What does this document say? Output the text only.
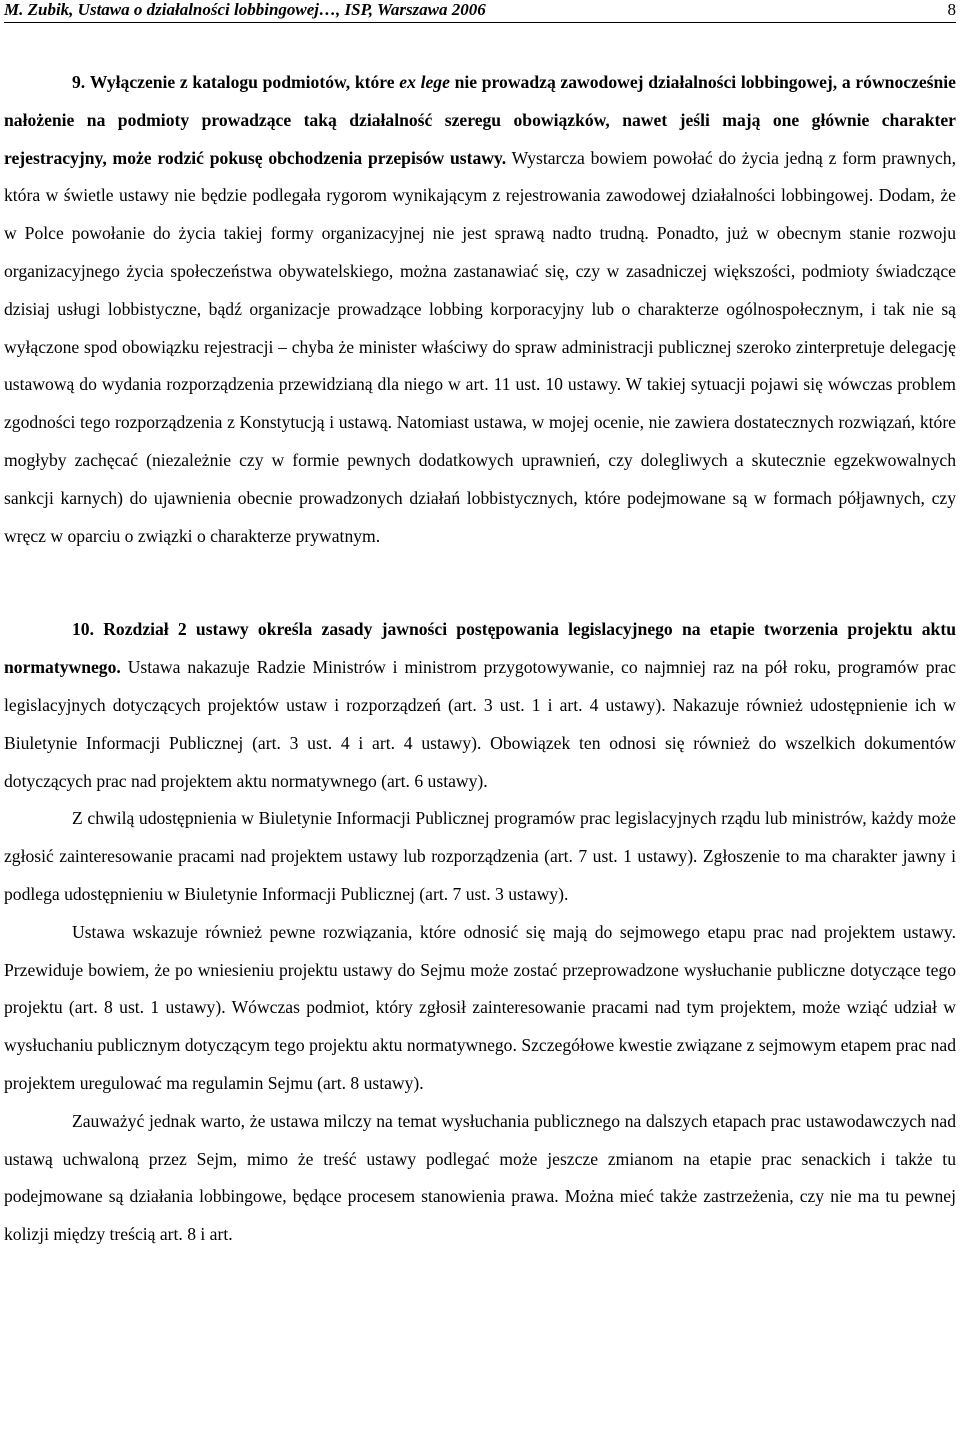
M. Zubik, Ustawa o działalności lobbingowej…, ISP, Warszawa 2006	8

9. Wyłączenie z katalogu podmiotów, które ex lege nie prowadzą zawodowej działalności lobbingowej, a równocześnie nałożenie na podmioty prowadzące taką działalność szeregu obowiązków, nawet jeśli mają one głównie charakter rejestracyjny, może rodzić pokusę obchodzenia przepisów ustawy. Wystarcza bowiem powołać do życia jedną z form prawnych, która w świetle ustawy nie będzie podlegała rygorom wynikającym z rejestrowania zawodowej działalności lobbingowej. Dodam, że w Polce powołanie do życia takiej formy organizacyjnej nie jest sprawą nadto trudną. Ponadto, już w obecnym stanie rozwoju organizacyjnego życia społeczeństwa obywatelskiego, można zastanawiać się, czy w zasadniczej większości, podmioty świadczące dzisiaj usługi lobbistyczne, bądź organizacje prowadzące lobbing korporacyjny lub o charakterze ogólnospołecznym, i tak nie są wyłączone spod obowiązku rejestracji – chyba że minister właściwy do spraw administracji publicznej szeroko zinterpretuje delegację ustawową do wydania rozporządzenia przewidzianą dla niego w art. 11 ust. 10 ustawy. W takiej sytuacji pojawi się wówczas problem zgodności tego rozporządzenia z Konstytucją i ustawą. Natomiast ustawa, w mojej ocenie, nie zawiera dostatecznych rozwiązań, które mogłyby zachęcać (niezależnie czy w formie pewnych dodatkowych uprawnień, czy dolegliwych a skutecznie egzekwowalnych sankcji karnych) do ujawnienia obecnie prowadzonych działań lobbistycznych, które podejmowane są w formach półjawnych, czy wręcz w oparciu o związki o charakterze prywatnym.

10. Rozdział 2 ustawy określa zasady jawności postępowania legislacyjnego na etapie tworzenia projektu aktu normatywnego. Ustawa nakazuje Radzie Ministrów i ministrom przygotowywanie, co najmniej raz na pół roku, programów prac legislacyjnych dotyczących projektów ustaw i rozporządzeń (art. 3 ust. 1 i art. 4 ustawy). Nakazuje również udostępnienie ich w Biuletynie Informacji Publicznej (art. 3 ust. 4 i art. 4 ustawy). Obowiązek ten odnosi się również do wszelkich dokumentów dotyczących prac nad projektem aktu normatywnego (art. 6 ustawy).

Z chwilą udostępnienia w Biuletynie Informacji Publicznej programów prac legislacyjnych rządu lub ministrów, każdy może zgłosić zainteresowanie pracami nad projektem ustawy lub rozporządzenia (art. 7 ust. 1 ustawy). Zgłoszenie to ma charakter jawny i podlega udostępnieniu w Biuletynie Informacji Publicznej (art. 7 ust. 3 ustawy).

Ustawa wskazuje również pewne rozwiązania, które odnosić się mają do sejmowego etapu prac nad projektem ustawy. Przewiduje bowiem, że po wniesieniu projektu ustawy do Sejmu może zostać przeprowadzone wysłuchanie publiczne dotyczące tego projektu (art. 8 ust. 1 ustawy). Wówczas podmiot, który zgłosił zainteresowanie pracami nad tym projektem, może wziąć udział w wysłuchaniu publicznym dotyczącym tego projektu aktu normatywnego. Szczegółowe kwestie związane z sejmowym etapem prac nad projektem uregulować ma regulamin Sejmu (art. 8 ustawy).

Zauważyć jednak warto, że ustawa milczy na temat wysłuchania publicznego na dalszych etapach prac ustawodawczych nad ustawą uchwaloną przez Sejm, mimo że treść ustawy podlegać może jeszcze zmianom na etapie prac senackich i także tu podejmowane są działania lobbingowe, będące procesem stanowienia prawa. Można mieć także zastrzeżenia, czy nie ma tu pewnej kolizji między treścią art. 8 i art.
